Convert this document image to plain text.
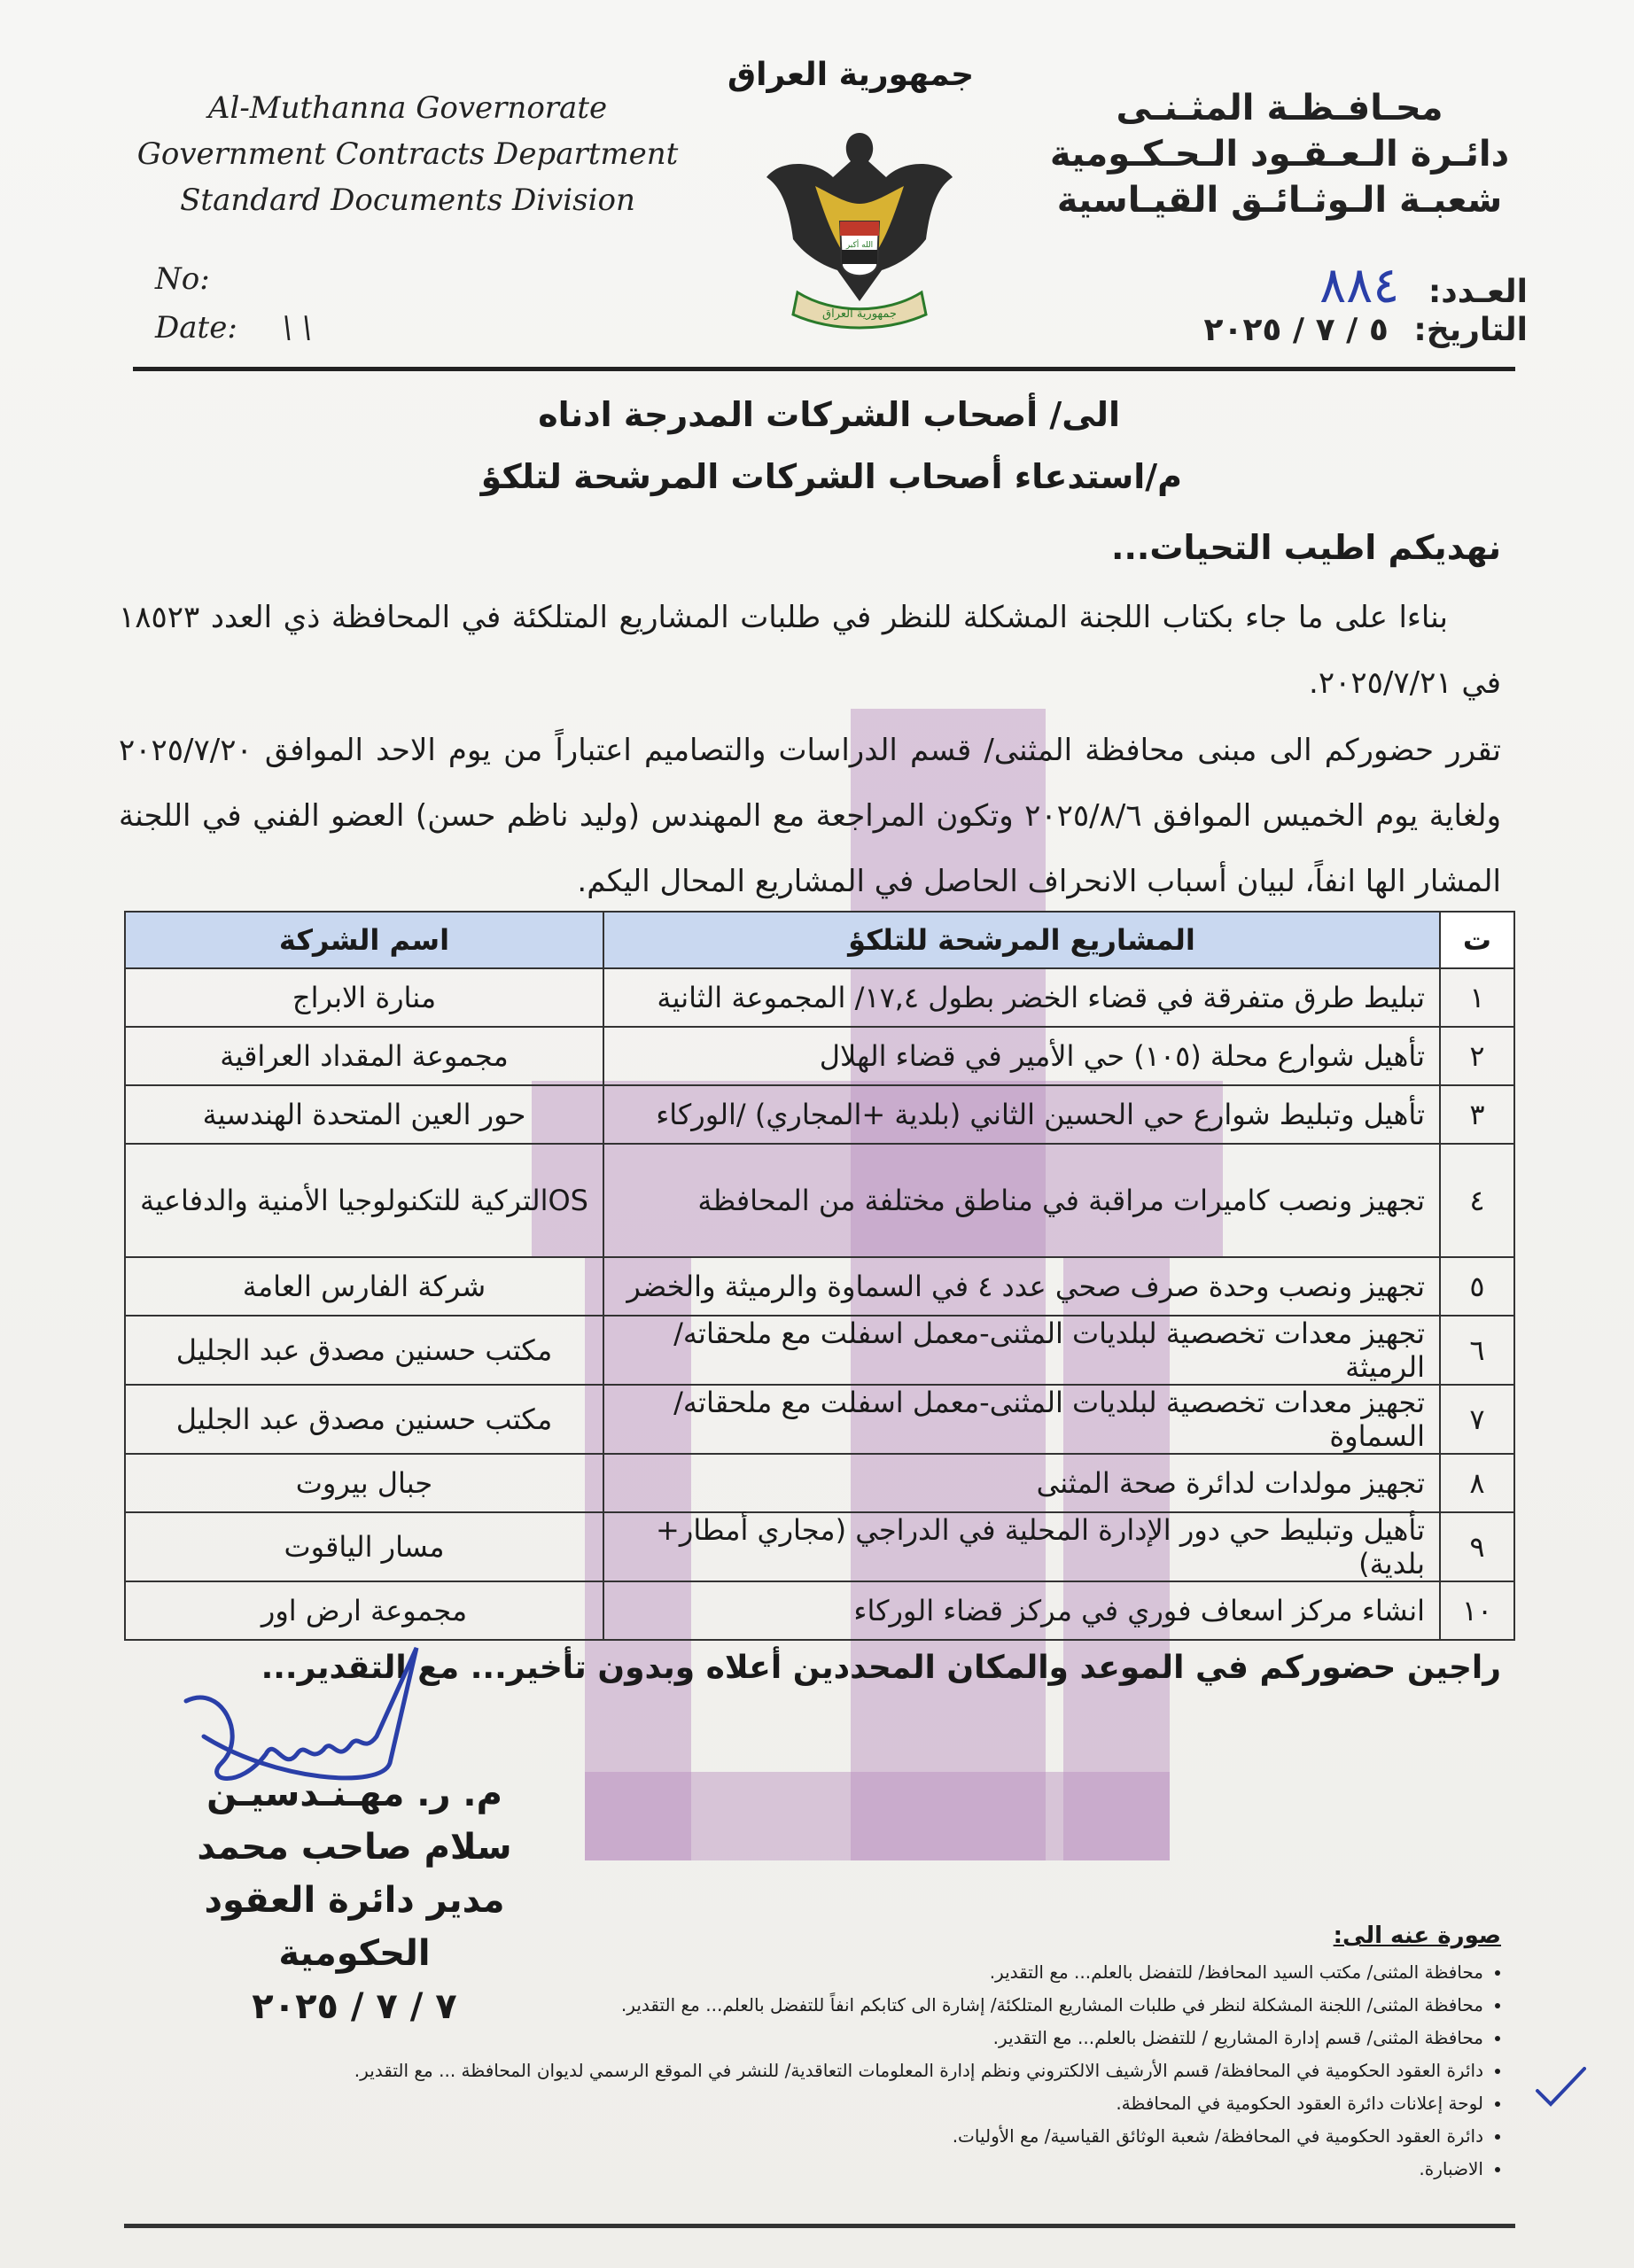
Al-Muthanna Governorate
Government Contracts Department
Standard Documents Division
No:
Date: \ \
جمهورية العراق
الله أكبر
جمهورية العراق
محـافـظـة المثـنـى
دائـرة الـعـقـود الـحـكـومية
شعبـة الـوثـائـق القيـاسية
العـدد: ٨٨٤
التاريخ: ٥ / ٧ / ٢٠٢٥
الى/ أصحاب الشركات المدرجة ادناه
م/استدعاء أصحاب الشركات المرشحة لتلكؤ
نهديكم اطيب التحيات...
بناءا على ما جاء بكتاب اللجنة المشكلة للنظر في طلبات المشاريع المتلكئة في المحافظة ذي العدد ١٨٥٢٣ في ٢٠٢٥/٧/٢١.
تقرر حضوركم الى مبنى محافظة المثنى/ قسم الدراسات والتصاميم اعتباراً من يوم الاحد الموافق ٢٠٢٥/٧/٢٠ ولغاية يوم الخميس الموافق ٢٠٢٥/٨/٦ وتكون المراجعة مع المهندس (وليد ناظم حسن) العضو الفني في اللجنة المشار الها انفاً، لبيان أسباب الانحراف الحاصل في المشاريع المحال اليكم.
ت	المشاريع المرشحة للتلكؤ	اسم الشركة
١	تبليط طرق متفرقة في قضاء الخضر بطول ١٧,٤/ المجموعة الثانية	منارة الابراج
٢	تأهيل شوارع محلة (١٠٥) حي الأمير في قضاء الهلال	مجموعة المقداد العراقية
٣	تأهيل وتبليط شوارع حي الحسين الثاني (بلدية +المجاري) /الوركاء	حور العين المتحدة الهندسية
٤	تجهيز ونصب كاميرات مراقبة في مناطق مختلفة من المحافظة	OSالتركية للتكنولوجيا الأمنية والدفاعية
٥	تجهيز ونصب وحدة صرف صحي عدد ٤ في السماوة والرميثة والخضر	شركة الفارس العامة
٦	تجهيز معدات تخصصية لبلديات المثنى-معمل اسفلت مع ملحقاته/ الرميثة	مكتب حسنين مصدق عبد الجليل
٧	تجهيز معدات تخصصية لبلديات المثنى-معمل اسفلت مع ملحقاته/ السماوة	مكتب حسنين مصدق عبد الجليل
٨	تجهيز مولدات لدائرة صحة المثنى	جبال بيروت
٩	تأهيل وتبليط حي دور الإدارة المحلية في الدراجي (مجاري أمطار+ بلدية)	مسار الياقوت
١٠	انشاء مركز اسعاف فوري في مركز قضاء الوركاء	مجموعة ارض اور
راجين حضوركم في الموعد والمكان المحددين أعلاه وبدون تأخير... مع التقدير...
م. ر. مهـنـدسيـن
سلام صاحب محمد
مدير دائرة العقود الحكومية
٧ / ٧ / ٢٠٢٥
صورة عنه الى:
• محافظة المثنى/ مكتب السيد المحافظ/ للتفضل بالعلم... مع التقدير.
• محافظة المثنى/ اللجنة المشكلة لنظر في طلبات المشاريع المتلكئة/ إشارة الى كتابكم انفاً للتفضل بالعلم... مع التقدير.
• محافظة المثنى/ قسم إدارة المشاريع / للتفضل بالعلم... مع التقدير.
• دائرة العقود الحكومية في المحافظة/ قسم الأرشيف الالكتروني ونظم إدارة المعلومات التعاقدية/ للنشر في الموقع الرسمي لديوان المحافظة ... مع التقدير.
• لوحة إعلانات دائرة العقود الحكومية في المحافظة.
• دائرة العقود الحكومية في المحافظة/ شعبة الوثائق القياسية/ مع الأوليات.
• الاضبارة.
